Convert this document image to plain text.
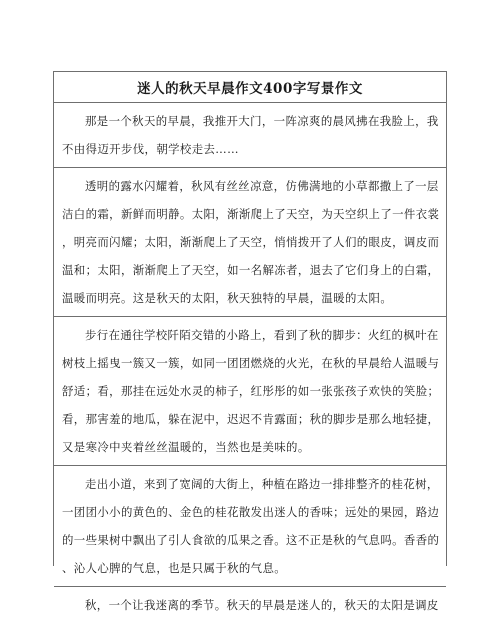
迷人的秋天早晨作文400字写景作文
那是一个秋天的早晨，我推开大门，一阵凉爽的晨风拂在我脸上，我
不由得迈开步伐，朝学校走去……
透明的露水闪耀着，秋风有丝丝凉意，仿佛满地的小草都撒上了一层
洁白的霜，新鲜而明静。太阳，渐渐爬上了天空，为天空织上了一件衣裳
，明亮而闪耀；太阳，渐渐爬上了天空，悄悄拨开了人们的眼皮，调皮而
温和；太阳，渐渐爬上了天空，如一名解冻者，退去了它们身上的白霜，
温暖而明亮。这是秋天的太阳，秋天独特的早晨，温暖的太阳。
步行在通往学校阡陌交错的小路上，看到了秋的脚步：火红的枫叶在
树枝上摇曳一簇又一簇，如同一团团燃烧的火光，在秋的早晨给人温暖与
舒适；看，那挂在远处水灵的柿子，红彤彤的如一张张孩子欢快的笑脸；
看，那害羞的地瓜，躲在泥中，迟迟不肯露面；秋的脚步是那么地轻捷，
又是寒冷中夹着丝丝温暖的，当然也是美味的。
走出小道，来到了宽阔的大街上，种植在路边一排排整齐的桂花树，
一团团小小的黄色的、金色的桂花散发出迷人的香味；远处的果园，路边
的一些果树中飘出了引人食欲的瓜果之香。这不正是秋的气息吗。香香的
、沁人心脾的气息，也是只属于秋的气息。
秋，一个让我迷离的季节。秋天的早晨是迷人的，秋天的太阳是调皮
